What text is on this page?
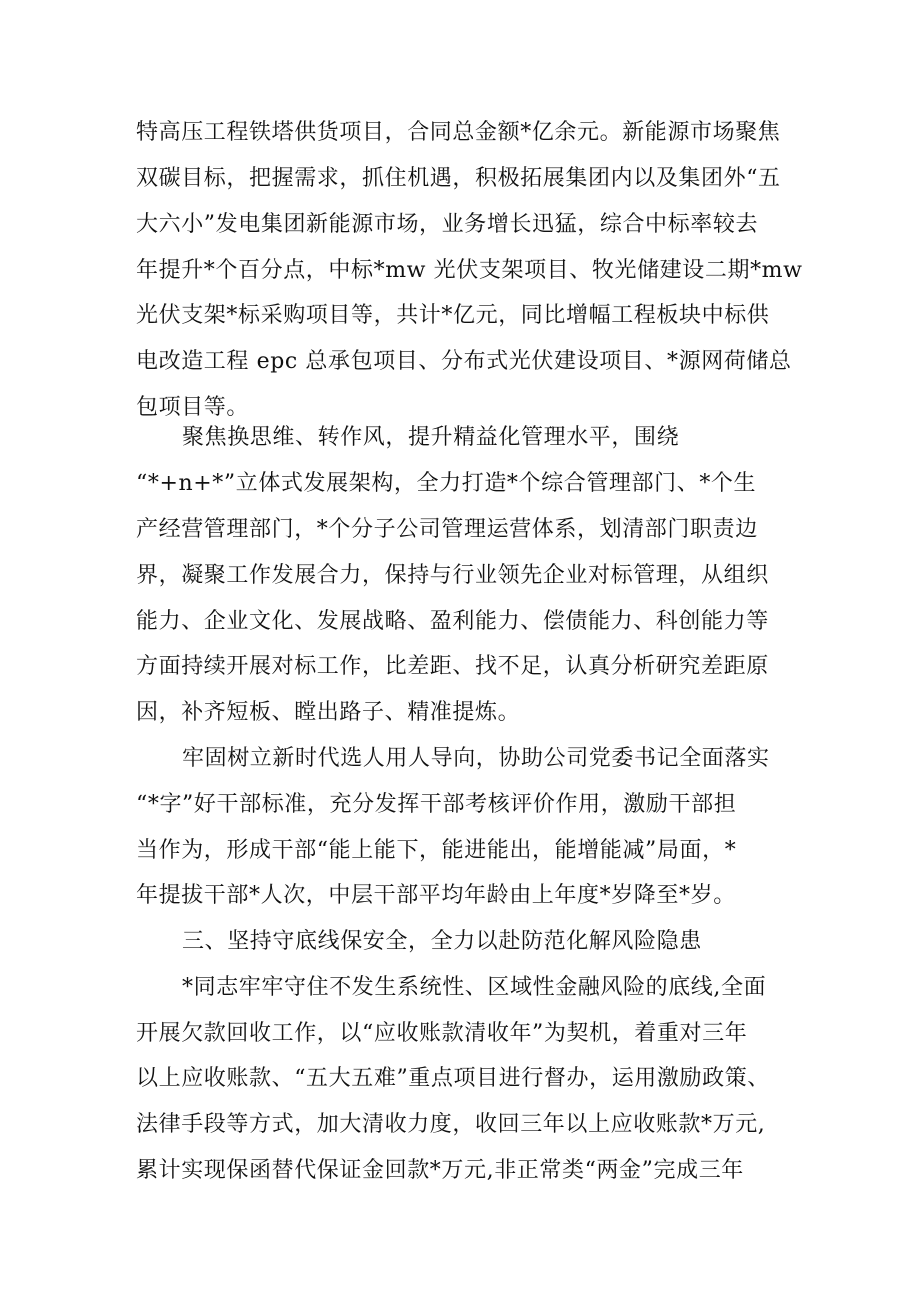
特高压工程铁塔供货项目，合同总金额*亿余元。新能源市场聚焦
双碳目标，把握需求，抓住机遇，积极拓展集团内以及集团外“五
大六小”发电集团新能源市场，业务增长迅猛，综合中标率较去
年提升*个百分点，中标*mw 光伏支架项目、牧光储建设二期*mw
光伏支架*标采购项目等，共计*亿元，同比增幅工程板块中标供
电改造工程 epc 总承包项目、分布式光伏建设项目、*源网荷储总
包项目等。
聚焦换思维、转作风，提升精益化管理水平，围绕
“*+n+*”立体式发展架构，全力打造*个综合管理部门、*个生
产经营管理部门，*个分子公司管理运营体系，划清部门职责边
界，凝聚工作发展合力，保持与行业领先企业对标管理，从组织
能力、企业文化、发展战略、盈利能力、偿债能力、科创能力等
方面持续开展对标工作，比差距、找不足，认真分析研究差距原
因，补齐短板、瞠出路子、精准提炼。
牢固树立新时代选人用人导向，协助公司党委书记全面落实
“*字”好干部标准，充分发挥干部考核评价作用，激励干部担
当作为，形成干部“能上能下，能进能出，能增能减”局面，*
年提拔干部*人次，中层干部平均年龄由上年度*岁降至*岁。
三、坚持守底线保安全，全力以赴防范化解风险隐患
*同志牢牢守住不发生系统性、区域性金融风险的底线,全面
开展欠款回收工作，以“应收账款清收年”为契机，着重对三年
以上应收账款、“五大五难”重点项目进行督办，运用激励政策、
法律手段等方式，加大清收力度，收回三年以上应收账款*万元,
累计实现保函替代保证金回款*万元,非正常类“两金”完成三年
